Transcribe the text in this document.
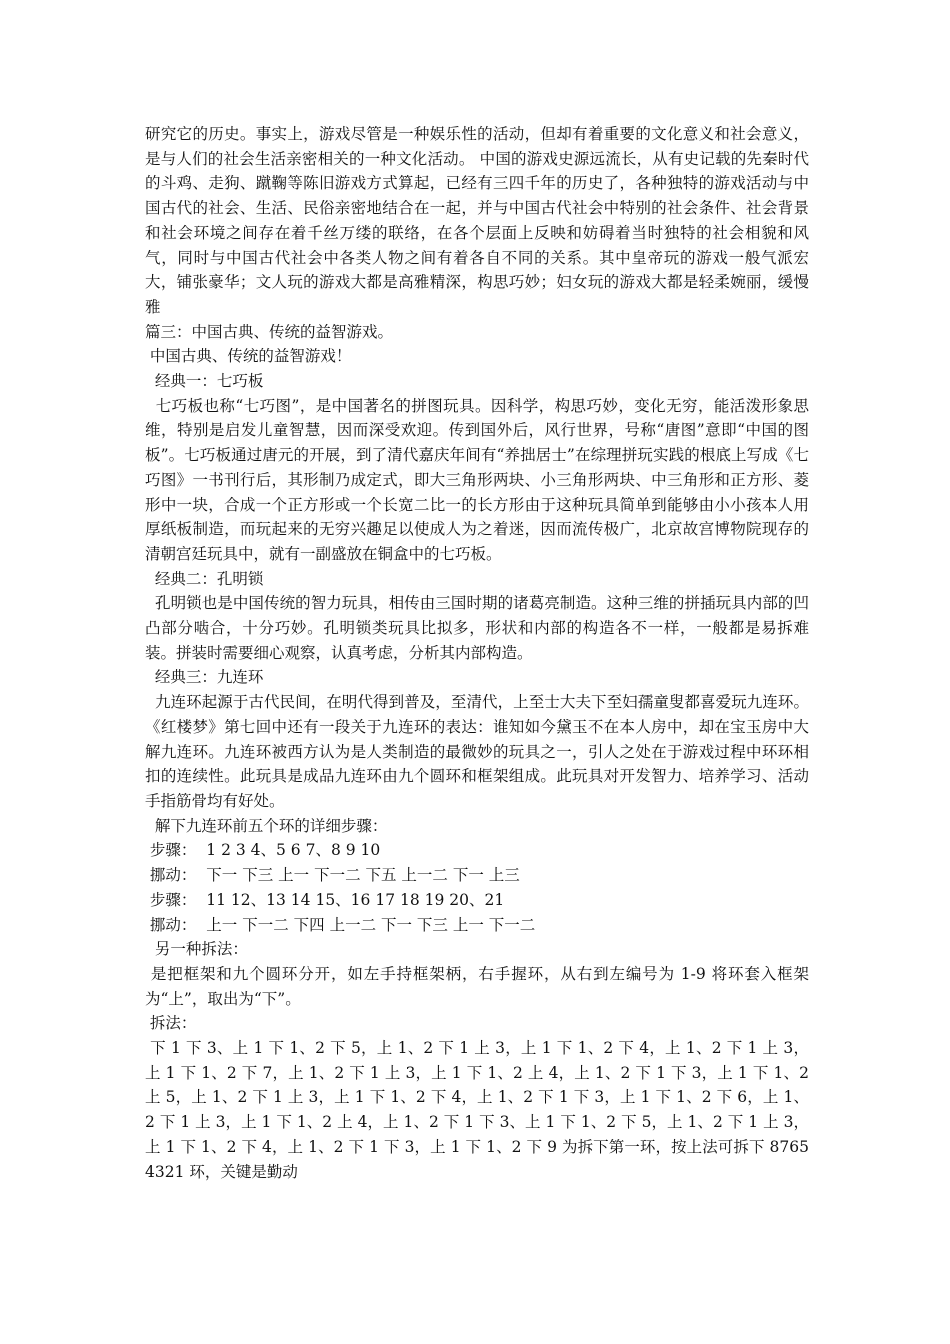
研究它的历史。事实上，游戏尽管是一种娱乐性的活动，但却有着重要的文化意义和社会意义，是与人们的社会生活亲密相关的一种文化活动。 中国的游戏史源远流长，从有史记载的先秦时代的斗鸡、走狗、蹴鞠等陈旧游戏方式算起，已经有三四千年的历史了，各种独特的游戏活动与中国古代的社会、生活、民俗亲密地结合在一起，并与中国古代社会中特别的社会条件、社会背景和社会环境之间存在着千丝万缕的联络，在各个层面上反映和妨碍着当时独特的社会相貌和风气，同时与中国古代社会中各类人物之间有着各自不同的关系。其中皇帝玩的游戏一般气派宏大，铺张豪华；文人玩的游戏大都是高雅精深，构思巧妙；妇女玩的游戏大都是轻柔婉丽，缓慢雅

篇三：中国古典、传统的益智游戏。

中国古典、传统的益智游戏！

经典一：七巧板

七巧板也称“七巧图”，是中国著名的拼图玩具。因科学，构思巧妙，变化无穷，能活泼形象思维，特别是启发儿童智慧，因而深受欢迎。传到国外后，风行世界，号称“唐图”意即“中国的图板”。七巧板通过唐元的开展，到了清代嘉庆年间有“养拙居士”在综理拼玩实践的根底上写成《七巧图》一书刊行后，其形制乃成定式，即大三角形两块、小三角形两块、中三角形和正方形、菱形中一块，合成一个正方形或一个长宽二比一的长方形由于这种玩具简单到能够由小小孩本人用厚纸板制造，而玩起来的无穷兴趣足以使成人为之着迷，因而流传极广，北京故宫博物院现存的清朝宫廷玩具中，就有一副盛放在铜盒中的七巧板。

经典二：孔明锁

孔明锁也是中国传统的智力玩具，相传由三国时期的诸葛亮制造。这种三维的拼插玩具内部的凹凸部分啮合，十分巧妙。孔明锁类玩具比拟多，形状和内部的构造各不一样，一般都是易拆难装。拼装时需要细心观察，认真考虑，分析其内部构造。

经典三：九连环

九连环起源于古代民间，在明代得到普及，至清代，上至士大夫下至妇孺童叟都喜爱玩九连环。《红楼梦》第七回中还有一段关于九连环的表达：谁知如今黛玉不在本人房中，却在宝玉房中大解九连环。九连环被西方认为是人类制造的最微妙的玩具之一，引人之处在于游戏过程中环环相扣的连续性。此玩具是成品九连环由九个圆环和框架组成。此玩具对开发智力、培养学习、活动手指筋骨均有好处。

解下九连环前五个环的详细步骤：

步骤：  1 2 3 4、5 6 7、8 9 10

挪动：  下一 下三 上一 下一二 下五 上一二 下一 上三

步骤：  11 12、13 14 15、16 17 18 19 20、21

挪动：  上一 下一二 下四 上一二 下一 下三 上一 下一二

另一种拆法：

是把框架和九个圆环分开，如左手持框架柄，右手握环，从右到左编号为 1-9 将环套入框架为“上”，取出为“下”。

拆法：

下 1 下 3、上 1 下 1、2 下 5，上 1、2 下 1 上 3，上 1 下 1、2 下 4，上 1、2 下 1 上 3，上 1 下 1、2 下 7，上 1、2 下 1 上 3，上 1 下 1、2 上 4，上 1、2 下 1 下 3，上 1 下 1、2 上 5，上 1、2 下 1 上 3，上 1 下 1、2 下 4，上 1、2 下 1 下 3，上 1 下 1、2 下 6，上 1、2 下 1 上 3，上 1 下 1、2 上 4，上 1、2 下 1 下 3、上 1 下 1、2 下 5，上 1、2 下 1 上 3，上 1 下 1、2 下 4，上 1、2 下 1 下 3，上 1 下 1、2 下 9 为拆下第一环，按上法可拆下 87654321 环，关键是勤动
